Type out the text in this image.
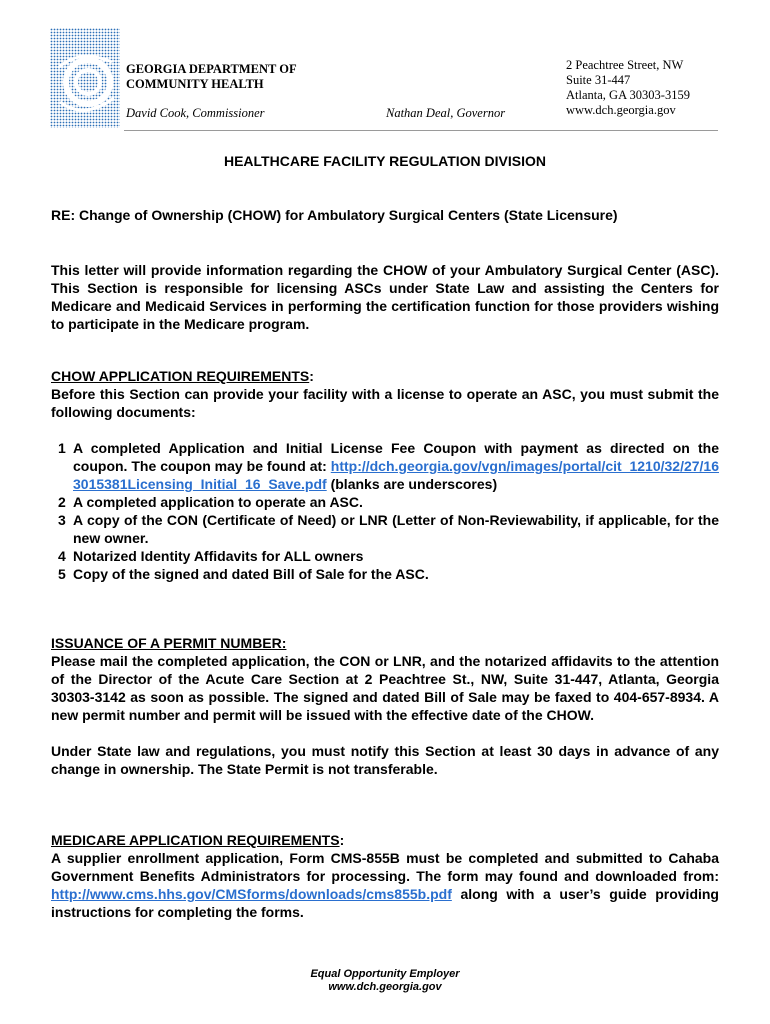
GEORGIA DEPARTMENT OF
COMMUNITY HEALTH
David Cook, Commissioner	Nathan Deal, Governor
2 Peachtree Street, NW
Suite 31-447
Atlanta, GA 30303-3159
www.dch.georgia.gov
HEALTHCARE FACILITY REGULATION DIVISION
RE: Change of Ownership (CHOW) for Ambulatory Surgical Centers (State Licensure)
This letter will provide information regarding the CHOW of your Ambulatory Surgical Center (ASC). This Section is responsible for licensing ASCs under State Law and assisting the Centers for Medicare and Medicaid Services in performing the certification function for those providers wishing to participate in the Medicare program.
CHOW APPLICATION REQUIREMENTS:
Before this Section can provide your facility with a license to operate an ASC, you must submit the following documents:
1 A completed Application and Initial License Fee Coupon with payment as directed on the coupon. The coupon may be found at: http://dch.georgia.gov/vgn/images/portal/cit_1210/32/27/163015381Licensing_Initial_16_Save.pdf (blanks are underscores)
2 A completed application to operate an ASC.
3 A copy of the CON (Certificate of Need) or LNR (Letter of Non-Reviewability, if applicable, for the new owner.
4 Notarized Identity Affidavits for ALL owners
5 Copy of the signed and dated Bill of Sale for the ASC.
ISSUANCE OF A PERMIT NUMBER:
Please mail the completed application, the CON or LNR, and the notarized affidavits to the attention of the Director of the Acute Care Section at 2 Peachtree St., NW, Suite 31-447, Atlanta, Georgia 30303-3142 as soon as possible. The signed and dated Bill of Sale may be faxed to 404-657-8934. A new permit number and permit will be issued with the effective date of the CHOW.
Under State law and regulations, you must notify this Section at least 30 days in advance of any change in ownership. The State Permit is not transferable.
MEDICARE APPLICATION REQUIREMENTS:
A supplier enrollment application, Form CMS-855B must be completed and submitted to Cahaba Government Benefits Administrators for processing. The form may found and downloaded from: http://www.cms.hhs.gov/CMSforms/downloads/cms855b.pdf along with a user’s guide providing instructions for completing the forms.
Equal Opportunity Employer
www.dch.georgia.gov
